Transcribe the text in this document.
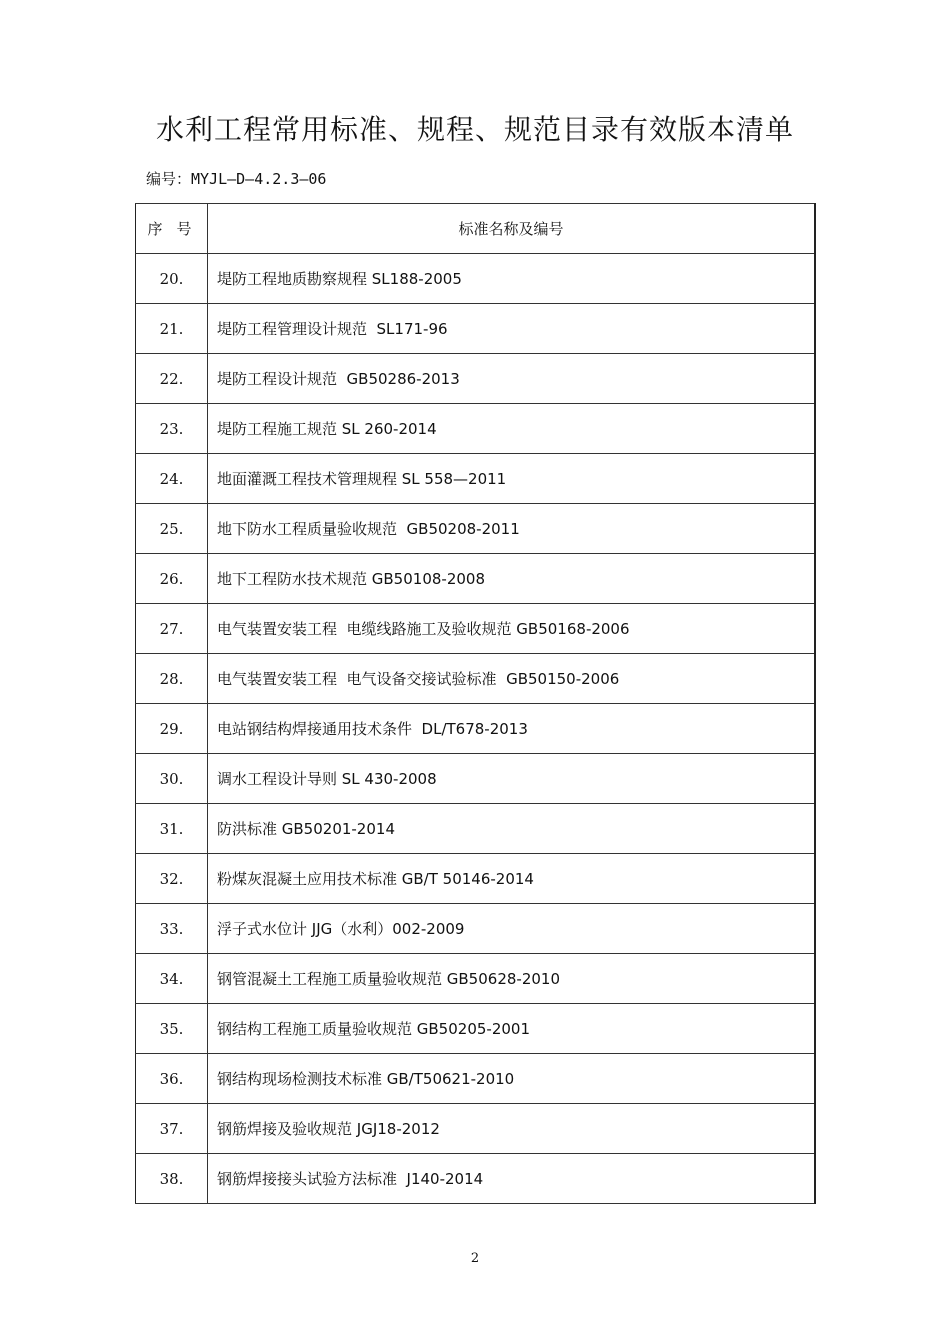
水利工程常用标准、规程、规范目录有效版本清单
编号：MYJL—D—4.2.3—06
序号	标准名称及编号
20.	堤防工程地质勘察规程 SL188-2005
21.	堤防工程管理设计规范  SL171-96
22.	堤防工程设计规范  GB50286-2013
23.	堤防工程施工规范 SL 260-2014
24.	地面灌溉工程技术管理规程 SL 558—2011
25.	地下防水工程质量验收规范  GB50208-2011
26.	地下工程防水技术规范 GB50108-2008
27.	电气装置安装工程  电缆线路施工及验收规范 GB50168-2006
28.	电气装置安装工程  电气设备交接试验标准  GB50150-2006
29.	电站钢结构焊接通用技术条件  DL/T678-2013
30.	调水工程设计导则 SL 430-2008
31.	防洪标准 GB50201-2014
32.	粉煤灰混凝土应用技术标准 GB/T 50146-2014
33.	浮子式水位计 JJG（水利）002-2009
34.	钢管混凝土工程施工质量验收规范 GB50628-2010
35.	钢结构工程施工质量验收规范 GB50205-2001
36.	钢结构现场检测技术标准 GB/T50621-2010
37.	钢筋焊接及验收规范 JGJ18-2012
38.	钢筋焊接接头试验方法标准  J140-2014
2
